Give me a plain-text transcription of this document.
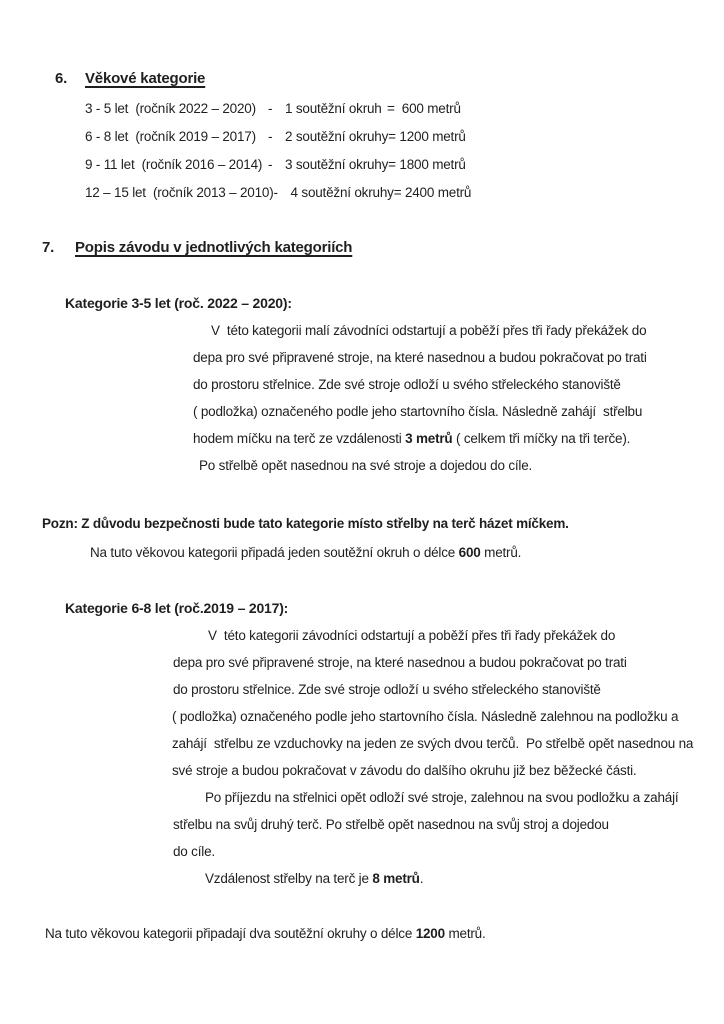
6. Věkové kategorie
3 - 5 let  (ročník 2022 – 2020) - 1 soutěžní okruh =  600 metrů
6 - 8 let  (ročník 2019 – 2017) - 2 soutěžní okruhy = 1200 metrů
9 - 11 let  (ročník 2016 – 2014) - 3 soutěžní okruhy = 1800 metrů
12 – 15 let  (ročník 2013 – 2010) - 4 soutěžní okruhy = 2400 metrů
7. Popis závodu v jednotlivých kategoriích
Kategorie 3-5 let (roč. 2022 – 2020):
V  této kategorii malí závodníci odstartují a poběží přes tři řady překážek do
depa pro své připravené stroje, na které nasednou a budou pokračovat po trati
do prostoru střelnice. Zde své stroje odloží u svého střeleckého stanoviště
( podložka) označeného podle jeho startovního čísla. Následně zahájí  střelbu
hodem míčku na terč ze vzdálenosti 3 metrů ( celkem tři míčky na tři terče).
Po střelbě opět nasednou na své stroje a dojedou do cíle.
Pozn: Z důvodu bezpečnosti bude tato kategorie místo střelby na terč házet míčkem.
Na tuto věkovou kategorii připadá jeden soutěžní okruh o délce 600 metrů.
Kategorie 6-8 let (roč.2019 – 2017):
V  této kategorii závodníci odstartují a poběží přes tři řady překážek do
depa pro své připravené stroje, na které nasednou a budou pokračovat po trati
do prostoru střelnice. Zde své stroje odloží u svého střeleckého stanoviště
( podložka) označeného podle jeho startovního čísla. Následně zalehnou na podložku a
zahájí  střelbu ze vzduchovky na jeden ze svých dvou terčů.  Po střelbě opět nasednou na
své stroje a budou pokračovat v závodu do dalšího okruhu již bez běžecké části.
Po příjezdu na střelnici opět odloží své stroje, zalehnou na svou podložku a zahájí
střelbu na svůj druhý terč. Po střelbě opět nasednou na svůj stroj a dojedou
do cíle.
Vzdálenost střelby na terč je 8 metrů.
Na tuto věkovou kategorii připadají dva soutěžní okruhy o délce 1200 metrů.
